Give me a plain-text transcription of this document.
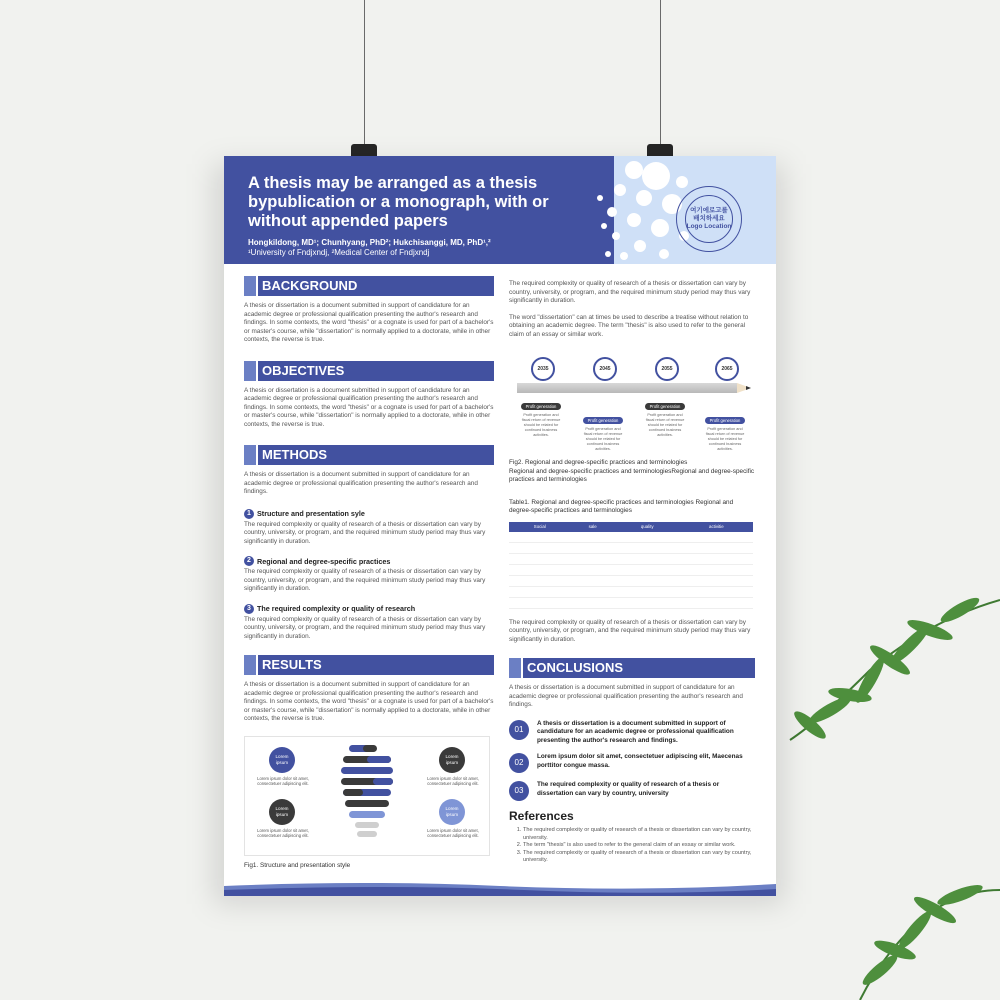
A thesis may be arranged as a thesis bypublication or a monograph, with or without appended papers
Hongkildong, MD¹; Chunhyang, PhD²; Hukchisanggi, MD, PhD¹,²
¹University of Fndjxndj, ²Medical Center of Fndjxndj
여기에로고를
배치하세요
Logo Location
BACKGROUND

A thesis or dissertation is a document submitted in support of candidature for an academic degree or professional qualification presenting the author's research and findings. In some contexts, the word "thesis" or a cognate is used for part of a bachelor's or master's course, while "dissertation" is normally applied to a doctorate, while in other contexts, the reverse is true.

OBJECTIVES

A thesis or dissertation is a document submitted in support of candidature for an academic degree or professional qualification presenting the author's research and findings. In some contexts, the word "thesis" or a cognate is used for part of a bachelor's or master's course, while "dissertation" is normally applied to a doctorate, while in other contexts, the reverse is true.

METHODS

A thesis or dissertation is a document submitted in support of candidature for an academic degree or professional qualification presenting the author's research and findings.

1 Structure and presentation syle

The required complexity or quality of research of a thesis or dissertation can vary by country, university, or program, and the required minimum study period may thus vary significantly in duration.

2 Regional and degree-specific practices

The required complexity or quality of research of a thesis or dissertation can vary by country, university, or program, and the required minimum study period may thus vary significantly in duration.

3 The required complexity or quality of research

The required complexity or quality of research of a thesis or dissertation can vary by country, university, or program, and the required minimum study period may thus vary significantly in duration.

RESULTS

A thesis or dissertation is a document submitted in support of candidature for an academic degree or professional qualification presenting the author's research and findings. In some contexts, the word "thesis" or a cognate is used for part of a bachelor's or master's course, while "dissertation" is normally applied to a doctorate, while in other contexts, the reverse is true.

Lorem ipsum
Lorem ipsum dolor sit amet, consectetuer adipiscing elit.
Lorem ipsum
Lorem ipsum dolor sit amet, consectetuer adipiscing elit.
Lorem ipsum
Lorem ipsum dolor sit amet, consectetuer adipiscing elit.
Lorem ipsum
Lorem ipsum dolor sit amet, consectetuer adipiscing elit.
Fig1. Structure and presentation style

The required complexity or quality of research of a thesis or dissertation can vary by country, university, or program, and the required minimum study period may thus vary significantly in duration.

The word "dissertation" can at times be used to describe a treatise without relation to obtaining an academic degree. The term "thesis" is also used to refer to the general claim of an essay or similar work.

2035	2045	2055	2065
Profit generation
Profit generation and fiscal return of revenue should be related for continued business activities.
Profit generation
Profit generation and fiscal return of revenue should be related for continued business activities.
Profit generation
Profit generation and fiscal return of revenue should be related for continued business activities.
Profit generation
Profit generation and fiscal return of revenue should be related for continued business activities.

Fig2. Regional and degree-specific practices and terminologies
Regional and degree-specific practices and terminologiesRegional and degree-specific practices and terminologies

Table1. Regional and degree-specific practices and terminologies Regional and degree-specific practices and terminologies

Social	sale	quality	activitie

The required complexity or quality of research of a thesis or dissertation can vary by country, university, or program, and the required minimum study period may thus vary significantly in duration.

CONCLUSIONS

A thesis or dissertation is a document submitted in support of candidature for an academic degree or professional qualification presenting the author's research and findings.

01
A thesis or dissertation is a document submitted in support of candidature for an academic degree or professional qualification presenting the author's research and findings.
02
Lorem ipsum dolor sit amet, consectetuer adipiscing elit, Maecenas porttitor congue massa.
03
The required complexity or quality of research of a thesis or dissertation can vary by country, university
References
1. The required complexity or quality of research of a thesis or dissertation can vary by country, university.
2. The term "thesis" is also used to refer to the general claim of an essay or similar work.
3. The required complexity or quality of research of a thesis or dissertation can vary by country, university.
